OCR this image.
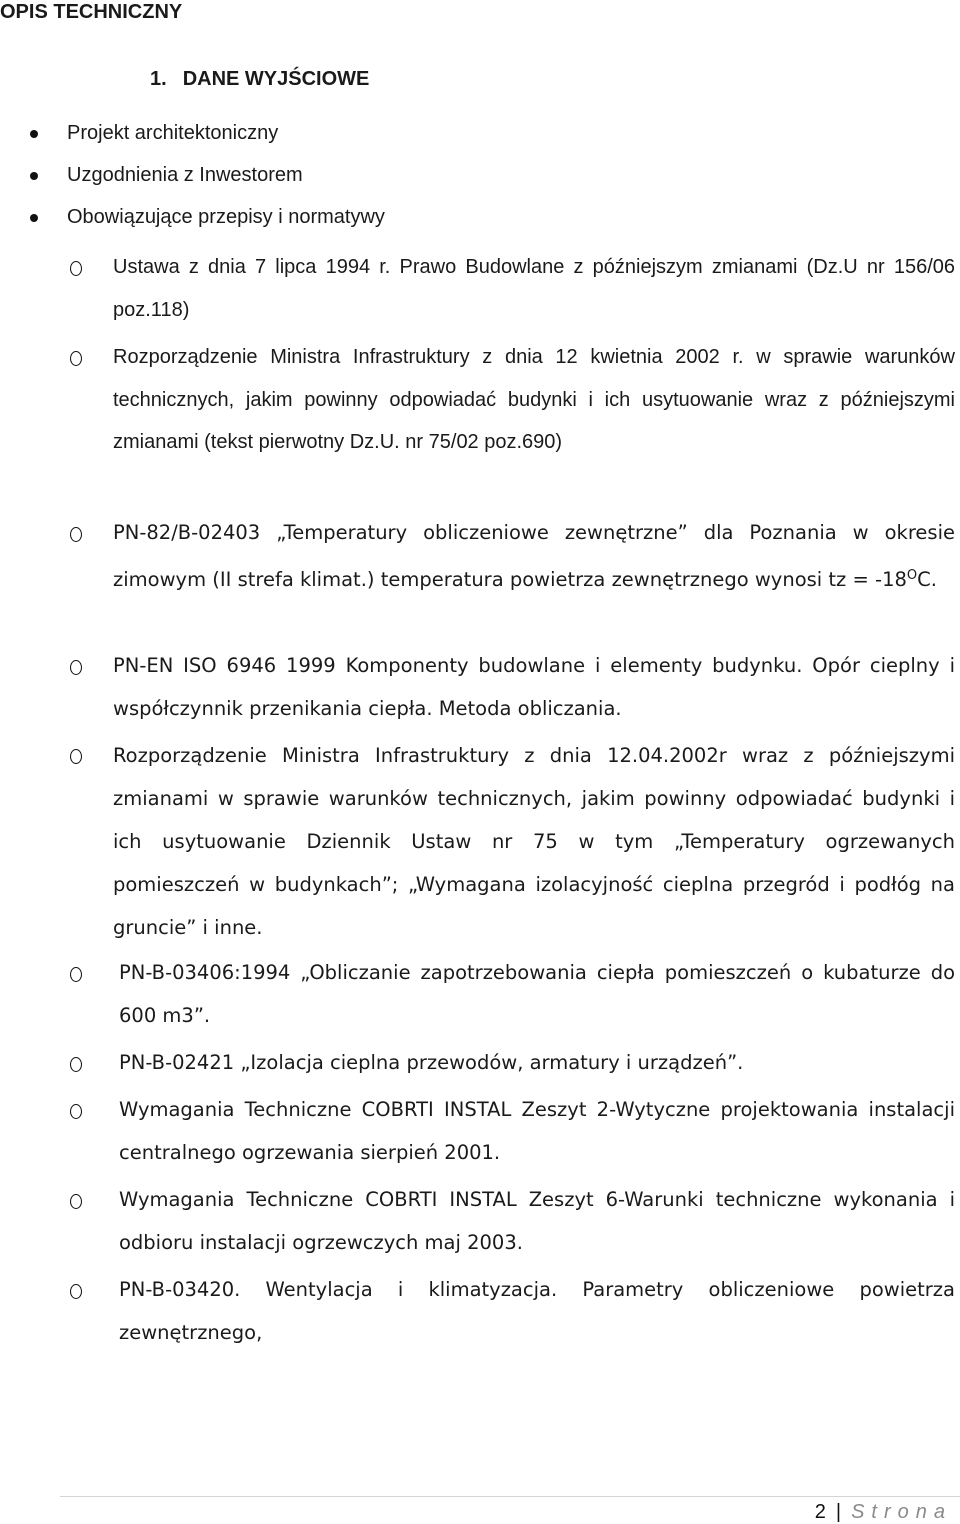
OPIS TECHNICZNY
1. DANE WYJŚCIOWE
Projekt architektoniczny
Uzgodnienia z Inwestorem
Obowiązujące przepisy i normatywy

Ustawa z dnia 7 lipca 1994 r. Prawo Budowlane z późniejszym zmianami (Dz.U nr 156/06 poz.118)

Rozporządzenie Ministra Infrastruktury z dnia 12 kwietnia 2002 r. w sprawie warunków technicznych, jakim powinny odpowiadać budynki i ich usytuowanie wraz z późniejszymi zmianami (tekst pierwotny Dz.U. nr 75/02 poz.690)

PN-82/B-02403 „Temperatury obliczeniowe zewnętrzne” dla Poznania w okresie zimowym (II strefa klimat.) temperatura powietrza zewnętrznego wynosi tz = $-18^OC$.

PN-EN ISO 6946 1999 Komponenty budowlane i elementy budynku. Opór cieplny i współczynnik przenikania ciepła. Metoda obliczania.

Rozporządzenie Ministra Infrastruktury z dnia 12.04.2002r wraz z późniejszymi zmianami w sprawie warunków technicznych, jakim powinny odpowiadać budynki i ich usytuowanie Dziennik Ustaw nr 75 w tym „Temperatury ogrzewanych pomieszczeń w budynkach”; „Wymagana izolacyjność cieplna przegród i podłóg na gruncie” i inne.

PN-B-03406:1994 „Obliczanie zapotrzebowania ciepła pomieszczeń o kubaturze do 600 m3”.

PN-B-02421 „Izolacja cieplna przewodów, armatury i urządzeń”.

Wymagania Techniczne COBRTI INSTAL Zeszyt 2-Wytyczne projektowania instalacji centralnego ogrzewania sierpień 2001.

Wymagania Techniczne COBRTI INSTAL Zeszyt 6-Warunki techniczne wykonania i odbioru instalacji ogrzewczych maj 2003.

PN-B-03420. Wentylacja i klimatyzacja. Parametry obliczeniowe powietrza zewnętrznego,

2 | Strona
